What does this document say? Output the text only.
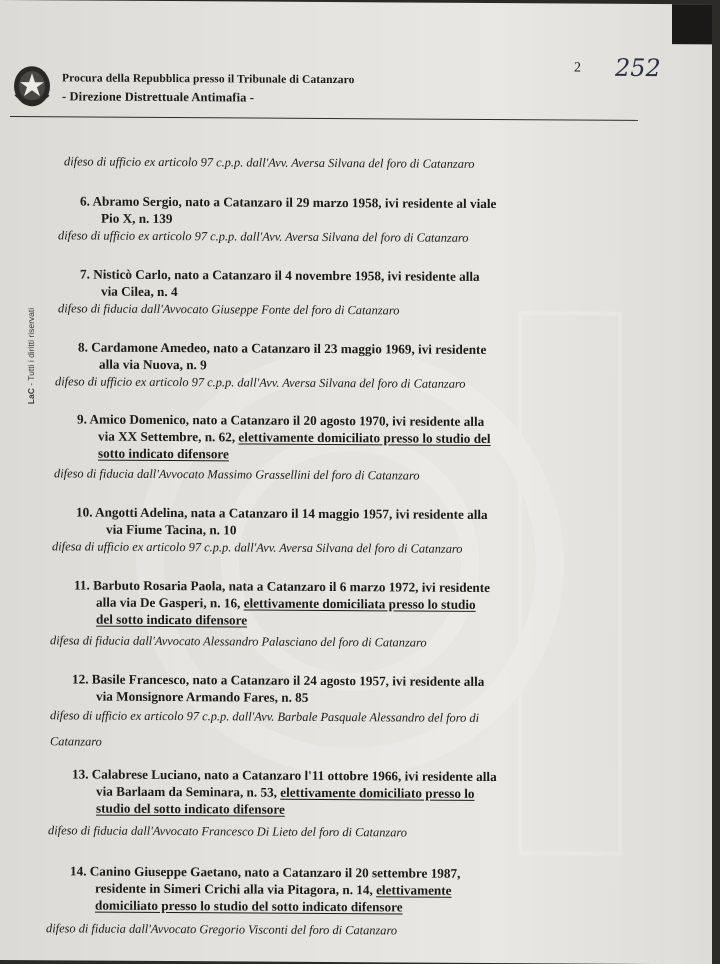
Procura della Repubblica presso il Tribunale di Catanzaro
- Direzione Distrettuale Antimafia -
2 252
LaC - Tutti i diritti riservati
difeso di ufficio ex articolo 97 c.p.p. dall'Avv. Aversa Silvana del foro di Catanzaro
6. Abramo Sergio, nato a Catanzaro il 29 marzo 1958, ivi residente al viale
Pio X, n. 139
difeso di ufficio ex articolo 97 c.p.p. dall'Avv. Aversa Silvana del foro di Catanzaro
7. Nisticò Carlo, nato a Catanzaro il 4 novembre 1958, ivi residente alla
via Cilea, n. 4
difeso di fiducia dall'Avvocato Giuseppe Fonte del foro di Catanzaro
8. Cardamone Amedeo, nato a Catanzaro il 23 maggio 1969, ivi residente
alla via Nuova, n. 9
difeso di ufficio ex articolo 97 c.p.p. dall'Avv. Aversa Silvana del foro di Catanzaro
9. Amico Domenico, nato a Catanzaro il 20 agosto 1970, ivi residente alla
via XX Settembre, n. 62, elettivamente domiciliato presso lo studio del
sotto indicato difensore
difeso di fiducia dall'Avvocato Massimo Grassellini del foro di Catanzaro
10. Angotti Adelina, nata a Catanzaro il 14 maggio 1957, ivi residente alla
via Fiume Tacina, n. 10
difesa di ufficio ex articolo 97 c.p.p. dall'Avv. Aversa Silvana del foro di Catanzaro
11. Barbuto Rosaria Paola, nata a Catanzaro il 6 marzo 1972, ivi residente
alla via De Gasperi, n. 16, elettivamente domiciliata presso lo studio
del sotto indicato difensore
difesa di fiducia dall'Avvocato Alessandro Palasciano del foro di Catanzaro
12. Basile Francesco, nato a Catanzaro il 24 agosto 1957, ivi residente alla
via Monsignore Armando Fares, n. 85
difeso di ufficio ex articolo 97 c.p.p. dall'Avv. Barbale Pasquale Alessandro del foro di
Catanzaro
13. Calabrese Luciano, nato a Catanzaro l'11 ottobre 1966, ivi residente alla
via Barlaam da Seminara, n. 53, elettivamente domiciliato presso lo
studio del sotto indicato difensore
difeso di fiducia dall'Avvocato Francesco Di Lieto del foro di Catanzaro
14. Canino Giuseppe Gaetano, nato a Catanzaro il 20 settembre 1987,
residente in Simeri Crichi alla via Pitagora, n. 14, elettivamente
domiciliato presso lo studio del sotto indicato difensore
difeso di fiducia dall'Avvocato Gregorio Visconti del foro di Catanzaro
